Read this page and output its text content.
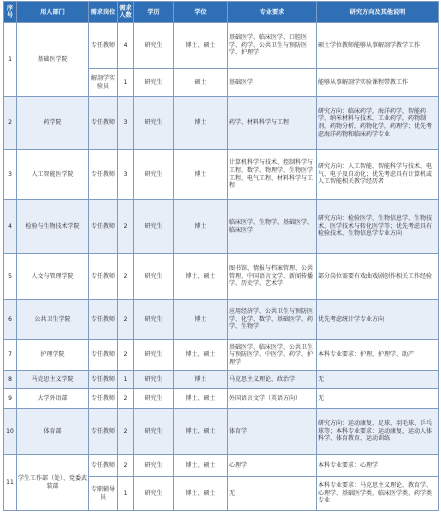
序号	用人部门	需求岗位	需求人数	学历	学位	专业要求	研究方向及其他说明
1	基础医学院	专任教师	4	研究生	博士、硕士	基础医学、临床医学、口腔医学、药学、公共卫生与预防医学、护理学	硕士学位教师能够从事解剖学教学工作
		解剖学实验员	1	研究生	硕士	基础医学	能够从事解剖学实验课程带教工作
2	药学院	专任教师	3	研究生	博士	药学、材料科学与工程	研究方向：临床药学，海洋药学，智能药学，纳米材料与技术、工业药学，药物制剂，药物分析，药物化学，药理学；优先考虑海洋药物和临床药学专业
3	人工智能医学院	专任教师	3	研究生	博士	计算机科学与技术、控制科学与工程、数学、物理学、生物医学工程、电气工程、材料科学与工程	研究方向：人工智能、智能科学与技术、电气、电子及自动化；优先考虑具有计算机或人工智能相关教学经历者
4	检验与生物技术学院	专任教师	2	研究生	博士	临床医学、生物学、基础医学、临床医学	研究方向：检验医学、生物信息学、生物技术、医学技术与转化医学等；优先考虑具有检验技术、生物信息学专业方向
5	人文与管理学院	专任教师	2	研究生	博士、硕士	图书馆、情报与档案管理、公共管理、中国语言文学、新闻传播学、历史学、艺术学	部分岗位需要有戏曲戏剧创作相关工作经验
6	公共卫生学院	专任教师	2	研究生	博士	应用经济学、公共卫生与预防医学、化学、数学、基础医学、药学、生物学	优先考虑统计学专业方向
7	护理学院	专任教师	2	研究生	博士、硕士	基础医学、临床医学、公共卫生与预防医学、中医学、药学、护理学	本科专业要求：护理、护理学、助产
8	马克思主义学院	专任教师	1	研究生	博士	马克思主义理论、政治学	无
9	大学外语部	专任教师	2	研究生	博士、硕士	外国语言文学（英语方向）	无
10	体育部	专任教师	2	研究生	博士、硕士	体育学	研究方向：运动康复、足球、羽毛球、乒乓球等；本科专业要求：运动康复、运动人体科学、体育教育、运动训练
11	学生工作部（处）、党委武装部	专任教师	2	研究生	博士、硕士	心理学	本科专业要求：心理学
		专职辅导员	1	研究生	博士、硕士	无	本科专业要求：马克思主义理论、教育学、心理学、基础医学类、临床医学类、药学类专业
